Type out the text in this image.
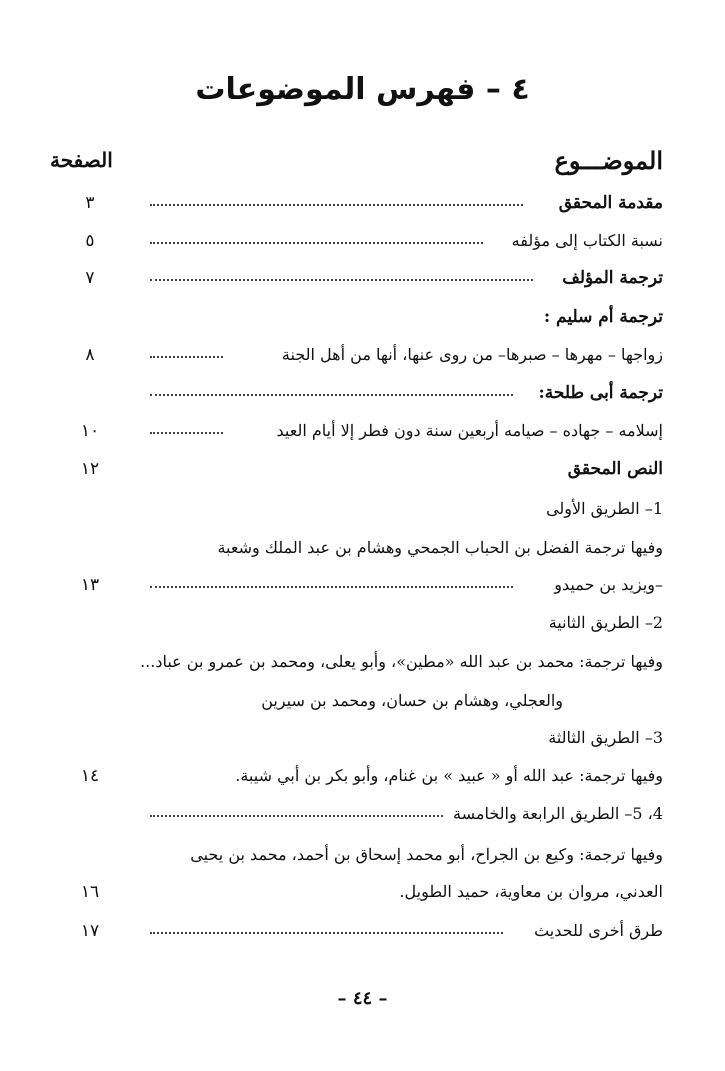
٤ – فهرس الموضوعات
الموضـــوع
الصفحة
مقدمة المحقق
٣
نسبة الكتاب إلى مؤلفه
٥
ترجمة المؤلف
٧
ترجمة أم سليم :
زواجها – مهرها – صبرها– من روى عنها، أنها من أهل الجنة
٨
ترجمة أبى طلحة:
إسلامه – جهاده – صيامه أربعين سنة دون فطر إلا أيام العيد
١٠
النص المحقق
١٢
1– الطريق الأولى
وفيها ترجمة الفضل بن الحباب الجمحي وهشام بن عبد الملك وشعبة
–ويزيد بن حميدو
١٣
2– الطريق الثانية
وفيها ترجمة: محمد بن عبد الله «مطين»، وأبو يعلى، ومحمد بن عمرو بن عباد...
والعجلي، وهشام بن حسان، ومحمد بن سيرين
3– الطريق الثالثة
وفيها ترجمة: عبد الله أو « عبيد » بن غنام، وأبو بكر بن أبي شيبة.
١٤
4، 5– الطريق الرابعة والخامسة
وفيها ترجمة: وكيع بن الجراح، أبو محمد إسحاق بن أحمد، محمد بن يحيى
العدني، مروان بن معاوية، حميد الطويل.
١٦
طرق أخرى للحديث
١٧
– ٤٤ –
